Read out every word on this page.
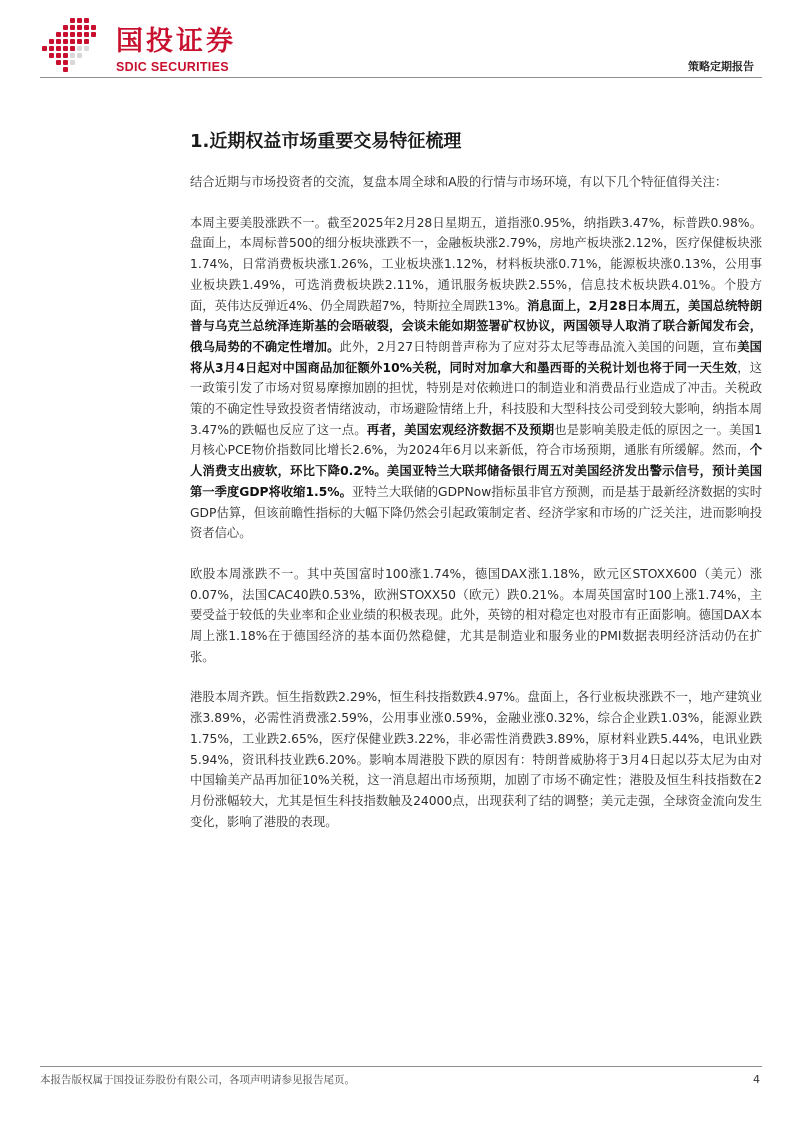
国投证券
SDIC SECURITIES	策略定期报告
1.近期权益市场重要交易特征梳理

结合近期与市场投资者的交流，复盘本周全球和A股的行情与市场环境，有以下几个特征值得关注：

本周主要美股涨跌不一。截至2025年2月28日星期五，道指涨0.95%，纳指跌3.47%，标普跌0.98%。盘面上，本周标普500的细分板块涨跌不一，金融板块涨2.79%，房地产板块涨2.12%，医疗保健板块涨1.74%，日常消费板块涨1.26%，工业板块涨1.12%，材料板块涨0.71%，能源板块涨0.13%，公用事业板块跌1.49%，可选消费板块跌2.11%，通讯服务板块跌2.55%，信息技术板块跌4.01%。个股方面，英伟达反弹近4%、仍全周跌超7%，特斯拉全周跌13%。消息面上，2月28日本周五，美国总统特朗普与乌克兰总统泽连斯基的会晤破裂，会谈未能如期签署矿权协议，两国领导人取消了联合新闻发布会，俄乌局势的不确定性增加。此外，2月27日特朗普声称为了应对芬太尼等毒品流入美国的问题，宣布美国将从3月4日起对中国商品加征额外10%关税，同时对加拿大和墨西哥的关税计划也将于同一天生效，这一政策引发了市场对贸易摩擦加剧的担忧，特别是对依赖进口的制造业和消费品行业造成了冲击。关税政策的不确定性导致投资者情绪波动，市场避险情绪上升，科技股和大型科技公司受到较大影响，纳指本周3.47%的跌幅也反应了这一点。再者，美国宏观经济数据不及预期也是影响美股走低的原因之一。美国1月核心PCE物价指数同比增长2.6%，为2024年6月以来新低，符合市场预期，通胀有所缓解。然而，个人消费支出疲软，环比下降0.2%。美国亚特兰大联邦储备银行周五对美国经济发出警示信号，预计美国第一季度GDP将收缩1.5%。亚特兰大联储的GDPNow指标虽非官方预测，而是基于最新经济数据的实时GDP估算，但该前瞻性指标的大幅下降仍然会引起政策制定者、经济学家和市场的广泛关注，进而影响投资者信心。

欧股本周涨跌不一。其中英国富时100涨1.74%，德国DAX涨1.18%，欧元区STOXX600（美元）涨0.07%，法国CAC40跌0.53%，欧洲STOXX50（欧元）跌0.21%。本周英国富时100上涨1.74%，主要受益于较低的失业率和企业业绩的积极表现。此外，英镑的相对稳定也对股市有正面影响。德国DAX本周上涨1.18%在于德国经济的基本面仍然稳健，尤其是制造业和服务业的PMI数据表明经济活动仍在扩张。

港股本周齐跌。恒生指数跌2.29%，恒生科技指数跌4.97%。盘面上，各行业板块涨跌不一，地产建筑业涨3.89%，必需性消费涨2.59%，公用事业涨0.59%，金融业涨0.32%，综合企业跌1.03%，能源业跌1.75%，工业跌2.65%，医疗保健业跌3.22%，非必需性消费跌3.89%，原材料业跌5.44%，电讯业跌5.94%，资讯科技业跌6.20%。影响本周港股下跌的原因有：特朗普威胁将于3月4日起以芬太尼为由对中国输美产品再加征10%关税，这一消息超出市场预期，加剧了市场不确定性；港股及恒生科技指数在2月份涨幅较大，尤其是恒生科技指数触及24000点，出现获利了结的调整；美元走强，全球资金流向发生变化，影响了港股的表现。

本报告版权属于国投证券股份有限公司，各项声明请参见报告尾页。	4
